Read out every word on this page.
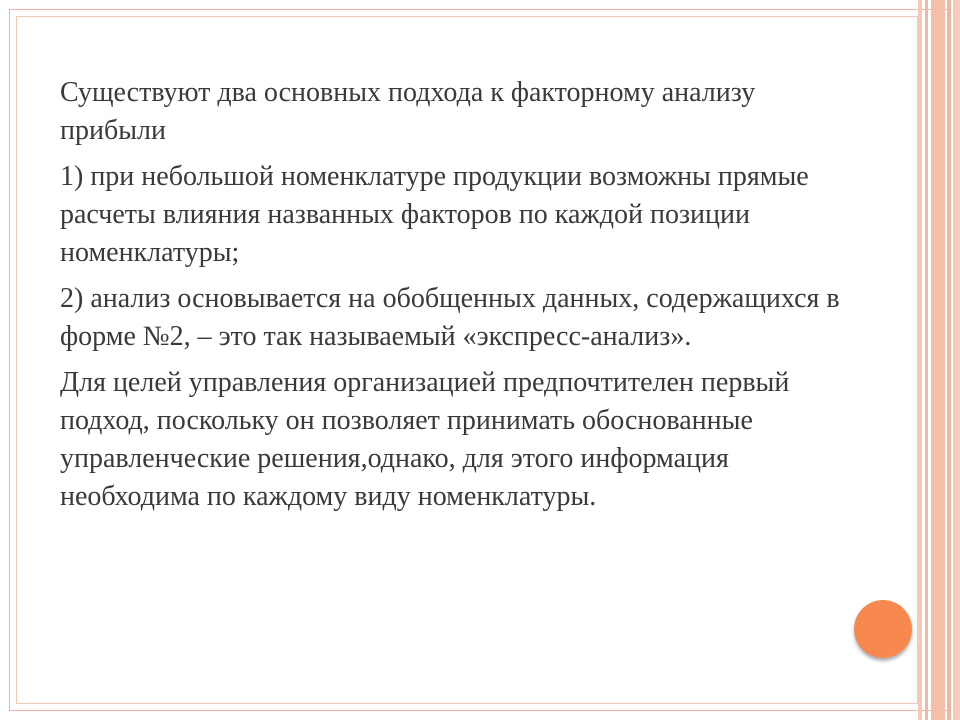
Существуют два основных подхода к факторному анализу прибыли

1) при небольшой номенклатуре продукции возможны прямые расчеты влияния названных факторов по каждой позиции номенклатуры;

2) анализ основывается на обобщенных данных, содержащихся в форме №2, – это так называемый «экспресс-анализ».

Для целей управления организацией предпочтителен первый подход, поскольку он позволяет принимать обоснованные управленческие решения,однако, для этого информация необходима по каждому виду номенклатуры.
